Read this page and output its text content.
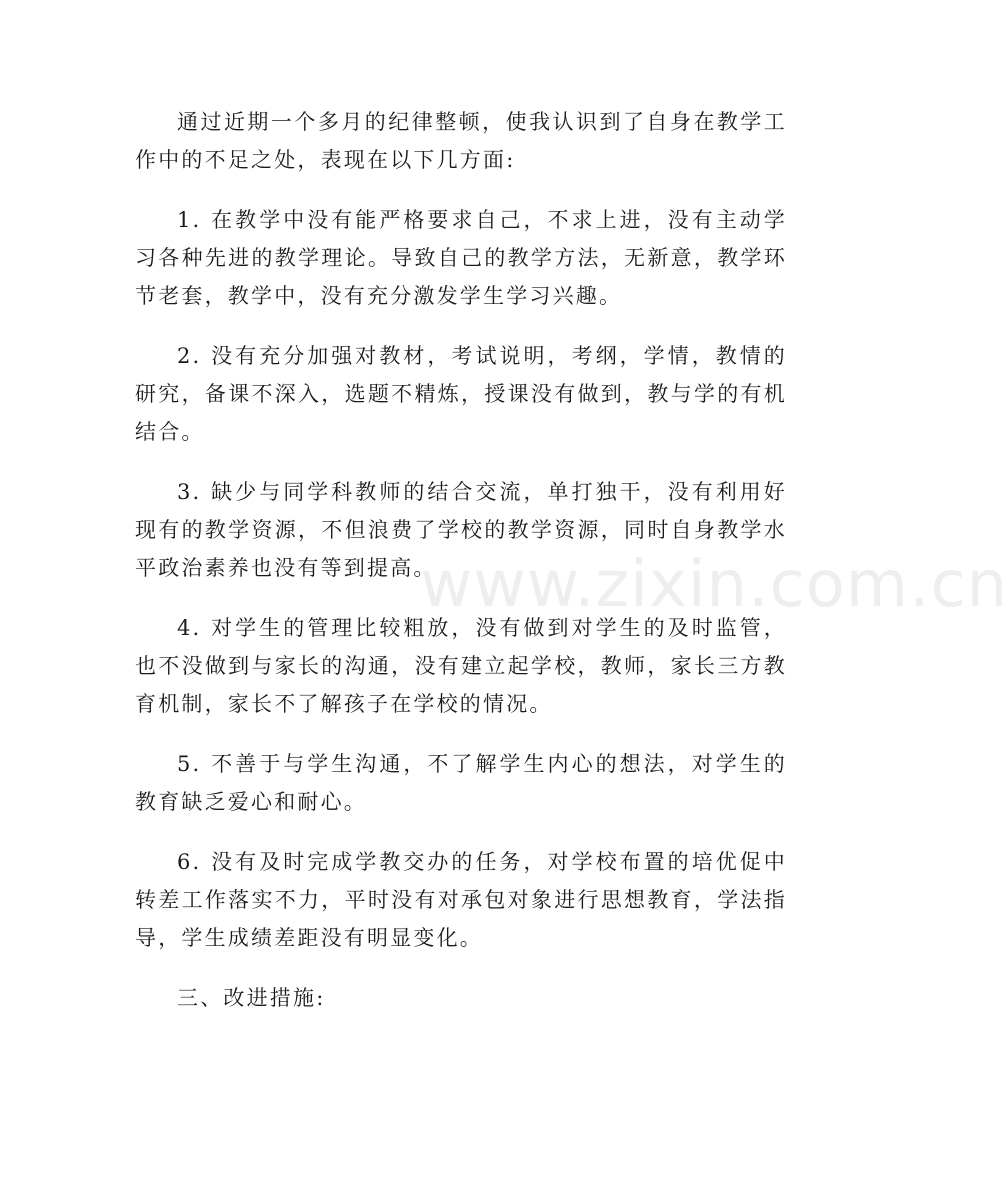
通过近期一个多月的纪律整顿，使我认识到了自身在教学工作中的不足之处，表现在以下几方面:

1. 在教学中没有能严格要求自己，不求上进，没有主动学习各种先进的教学理论。导致自己的教学方法，无新意，教学环节老套，教学中，没有充分激发学生学习兴趣。

2. 没有充分加强对教材，考试说明，考纲，学情，教情的研究，备课不深入，选题不精炼，授课没有做到，教与学的有机结合。

3. 缺少与同学科教师的结合交流，单打独干，没有利用好现有的教学资源，不但浪费了学校的教学资源，同时自身教学水平政治素养也没有等到提高。

4. 对学生的管理比较粗放，没有做到对学生的及时监管，也不没做到与家长的沟通，没有建立起学校，教师，家长三方教育机制，家长不了解孩子在学校的情况。

5. 不善于与学生沟通，不了解学生内心的想法，对学生的教育缺乏爱心和耐心。

6. 没有及时完成学教交办的任务，对学校布置的培优促中转差工作落实不力，平时没有对承包对象进行思想教育，学法指导，学生成绩差距没有明显变化。

三、改进措施:

www.zixin.com.cn
